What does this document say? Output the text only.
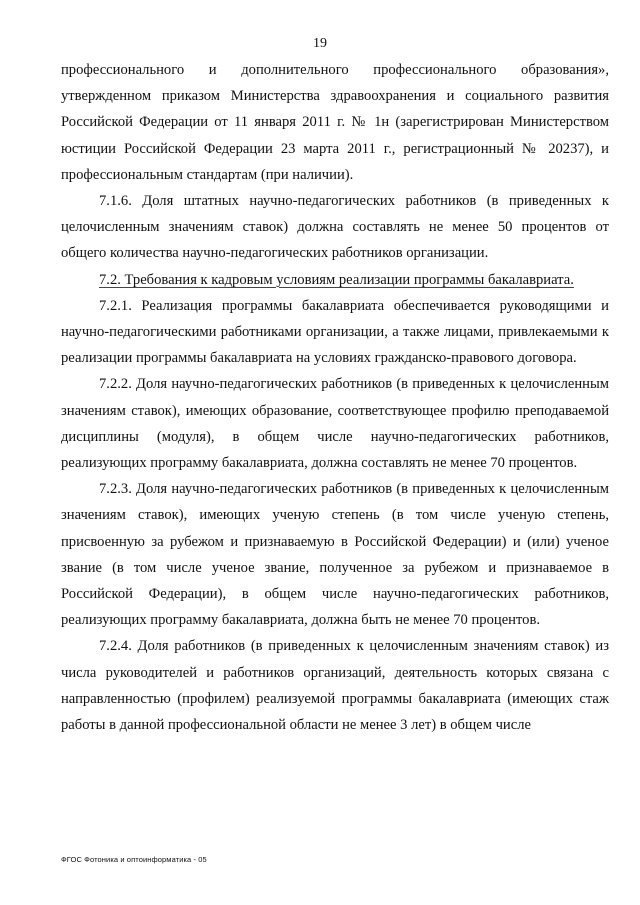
19

профессионального и дополнительного профессионального образования», утвержденном приказом Министерства здравоохранения и социального развития Российской Федерации от 11 января 2011 г. № 1н (зарегистрирован Министерством юстиции Российской Федерации 23 марта 2011 г., регистрационный № 20237), и профессиональным стандартам (при наличии).

7.1.6. Доля штатных научно-педагогических работников (в приведенных к целочисленным значениям ставок) должна составлять не менее 50 процентов от общего количества научно-педагогических работников организации.

7.2. Требования к кадровым условиям реализации программы бакалавриата.

7.2.1. Реализация программы бакалавриата обеспечивается руководящими и научно-педагогическими работниками организации, а также лицами, привлекаемыми к реализации программы бакалавриата на условиях гражданско-правового договора.

7.2.2. Доля научно-педагогических работников (в приведенных к целочисленным значениям ставок), имеющих образование, соответствующее профилю преподаваемой дисциплины (модуля), в общем числе научно-педагогических работников, реализующих программу бакалавриата, должна составлять не менее 70 процентов.

7.2.3. Доля научно-педагогических работников (в приведенных к целочисленным значениям ставок), имеющих ученую степень (в том числе ученую степень, присвоенную за рубежом и признаваемую в Российской Федерации) и (или) ученое звание (в том числе ученое звание, полученное за рубежом и признаваемое в Российской Федерации), в общем числе научно-педагогических работников, реализующих программу бакалавриата, должна быть не менее 70 процентов.

7.2.4. Доля работников (в приведенных к целочисленным значениям ставок) из числа руководителей и работников организаций, деятельность которых связана с направленностью (профилем) реализуемой программы бакалавриата (имеющих стаж работы в данной профессиональной области не менее 3 лет) в общем числе

ФГОС Фотоника и оптоинформатика - 05
